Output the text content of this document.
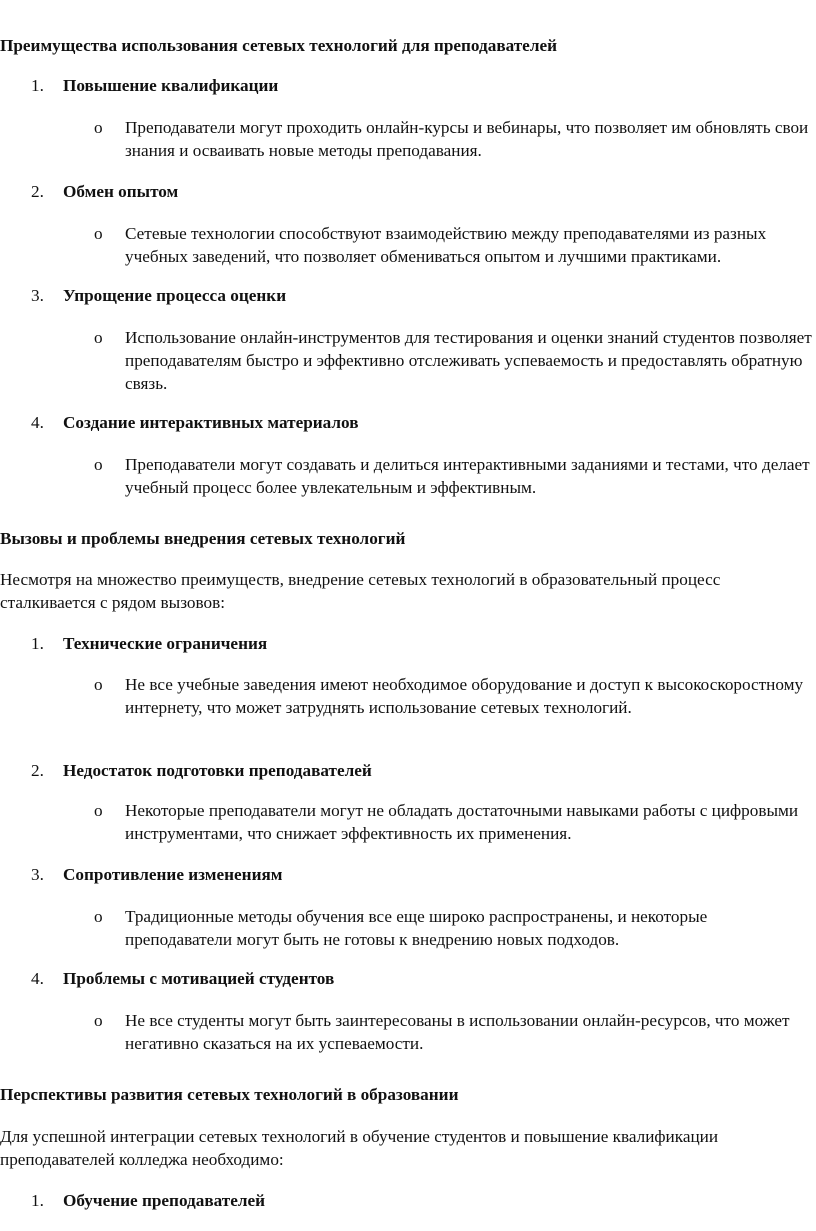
Преимущества использования сетевых технологий для преподавателей

1. Повышение квалификации
o Преподаватели могут проходить онлайн-курсы и вебинары, что позволяет им обновлять свои знания и осваивать новые методы преподавания.
2. Обмен опытом
o Сетевые технологии способствуют взаимодействию между преподавателями из разных учебных заведений, что позволяет обмениваться опытом и лучшими практиками.
3. Упрощение процесса оценки
o Использование онлайн-инструментов для тестирования и оценки знаний студентов позволяет преподавателям быстро и эффективно отслеживать успеваемость и предоставлять обратную связь.
4. Создание интерактивных материалов
o Преподаватели могут создавать и делиться интерактивными заданиями и тестами, что делает учебный процесс более увлекательным и эффективным.

Вызовы и проблемы внедрения сетевых технологий

Несмотря на множество преимуществ, внедрение сетевых технологий в образовательный процесс сталкивается с рядом вызовов:

1. Технические ограничения
o Не все учебные заведения имеют необходимое оборудование и доступ к высокоскоростному интернету, что может затруднять использование сетевых технологий.
2. Недостаток подготовки преподавателей
o Некоторые преподаватели могут не обладать достаточными навыками работы с цифровыми инструментами, что снижает эффективность их применения.
3. Сопротивление изменениям
o Традиционные методы обучения все еще широко распространены, и некоторые преподаватели могут быть не готовы к внедрению новых подходов.
4. Проблемы с мотивацией студентов
o Не все студенты могут быть заинтересованы в использовании онлайн-ресурсов, что может негативно сказаться на их успеваемости.

Перспективы развития сетевых технологий в образовании

Для успешной интеграции сетевых технологий в обучение студентов и повышение квалификации преподавателей колледжа необходимо:

1. Обучение преподавателей
